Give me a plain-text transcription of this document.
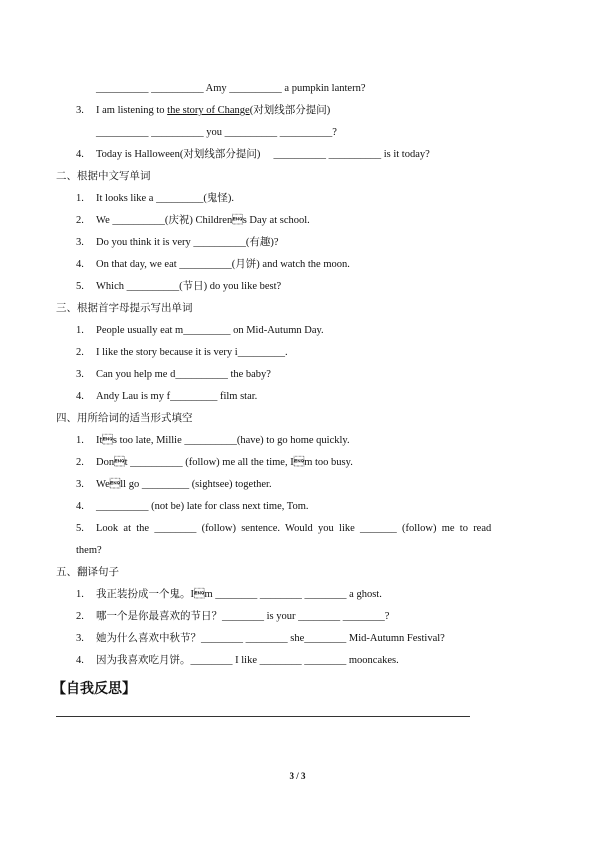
__________ __________ Amy __________ a pumpkin lantern?
3. I am listening to the story of Change(对划线部分提问)
__________ __________ you __________ __________?
4. Today is Halloween(对划线部分提问)     __________ __________ is it today?
二、根据中文写单词
1. It looks like a _________(鬼怪).
2. We __________(庆祝) Childrens Day at school.
3. Do you think it is very __________(有趣)?
4. On that day, we eat __________(月饼) and watch the moon.
5. Which __________(节日) do you like best?
三、根据首字母提示写出单词
1. People usually eat m_________ on Mid-Autumn Day.
2. I like the story because it is very i_________.
3. Can you help me d__________ the baby?
4. Andy Lau is my f_________ film star.
四、用所给词的适当形式填空
1. Its too late, Millie __________(have) to go home quickly.
2. Dont __________ (follow) me all the time, Im too busy.
3. Well go _________ (sightsee) together.
4. __________ (not be) late for class next time, Tom.
5. Look  at  the  ________  (follow)  sentence.  Would  you  like  _______  (follow)  me  to  read
them?
五、翻译句子
1. 我正装扮成一个鬼。Im ________ ________ ________ a ghost.
2. 哪一个是你最喜欢的节日？________ is your ________ ________?
3. 她为什么喜欢中秋节？________ ________ she________ Mid-Autumn Festival?
4. 因为我喜欢吃月饼。________ I like ________ ________ mooncakes.
【自我反思】
3 / 3
